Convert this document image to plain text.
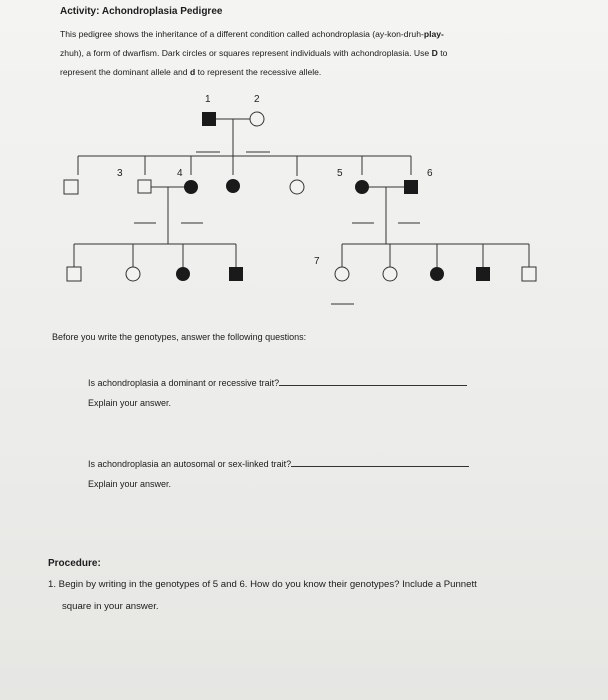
Activity: Achondroplasia Pedigree
This pedigree shows the inheritance of a different condition called achondroplasia (ay-kon-druh-play-
zhuh), a form of dwarfism. Dark circles or squares represent individuals with achondroplasia. Use D to
represent the dominant allele and d to represent the recessive allele.
1	2
3	4	5	6
7
Before you write the genotypes, answer the following questions:
Is achondroplasia a dominant or recessive trait?
Explain your answer.
Is achondroplasia an autosomal or sex-linked trait?
Explain your answer.
Procedure:
1. Begin by writing in the genotypes of 5 and 6. How do you know their genotypes? Include a Punnett
square in your answer.
